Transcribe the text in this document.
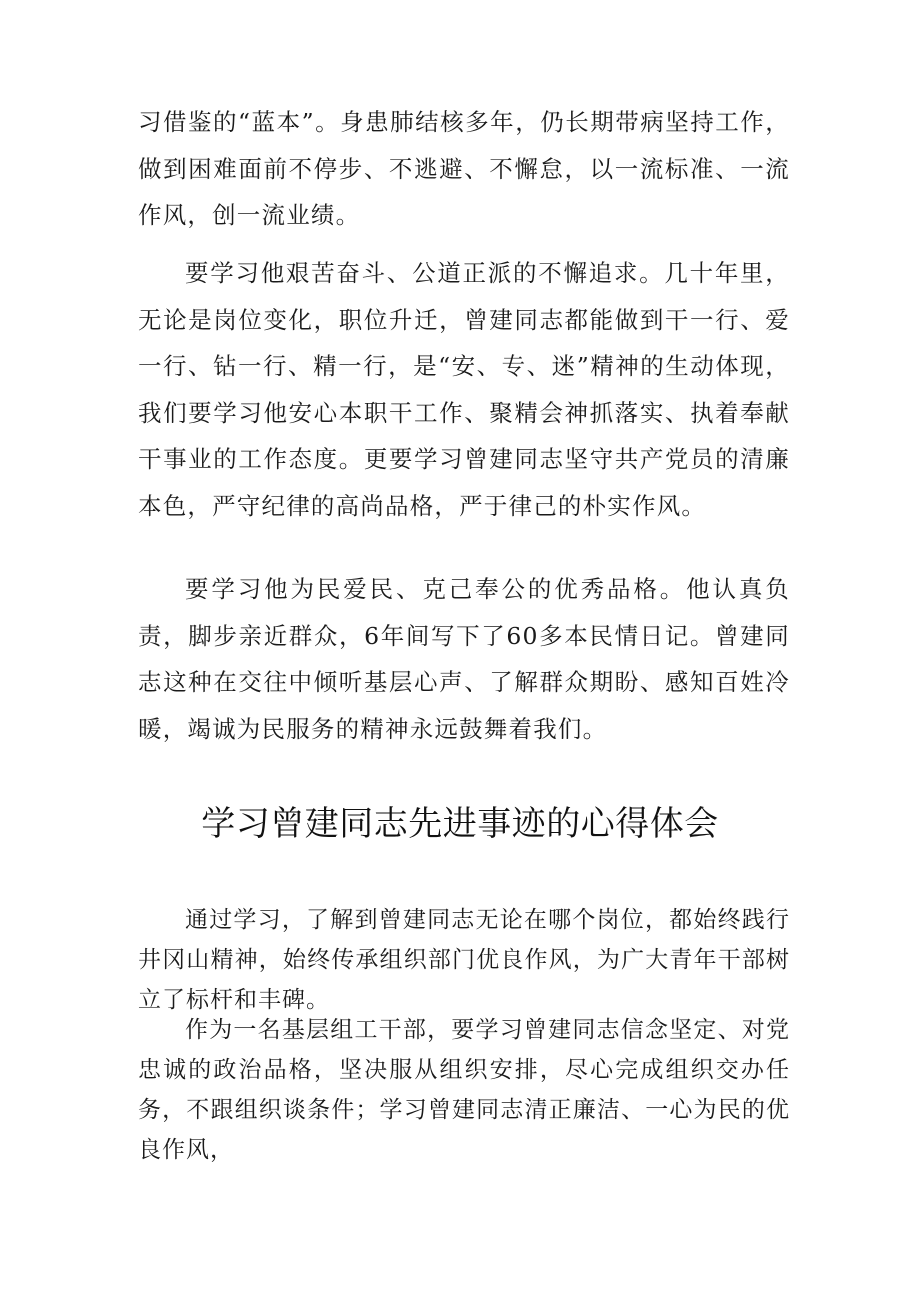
习借鉴的“蓝本”。身患肺结核多年，仍长期带病坚持工作，做到困难面前不停步、不逃避、不懈怠，以一流标准、一流作风，创一流业绩。

要学习他艰苦奋斗、公道正派的不懈追求。几十年里，无论是岗位变化，职位升迁，曾建同志都能做到干一行、爱一行、钻一行、精一行，是“安、专、迷”精神的生动体现，我们要学习他安心本职干工作、聚精会神抓落实、执着奉献干事业的工作态度。更要学习曾建同志坚守共产党员的清廉本色，严守纪律的高尚品格，严于律己的朴实作风。

要学习他为民爱民、克己奉公的优秀品格。他认真负责，脚步亲近群众，6年间写下了60多本民情日记。曾建同志这种在交往中倾听基层心声、了解群众期盼、感知百姓冷暖，竭诚为民服务的精神永远鼓舞着我们。

学习曾建同志先进事迹的心得体会

通过学习，了解到曾建同志无论在哪个岗位，都始终践行井冈山精神，始终传承组织部门优良作风，为广大青年干部树立了标杆和丰碑。

作为一名基层组工干部，要学习曾建同志信念坚定、对党忠诚的政治品格，坚决服从组织安排，尽心完成组织交办任务，不跟组织谈条件；学习曾建同志清正廉洁、一心为民的优良作风，
